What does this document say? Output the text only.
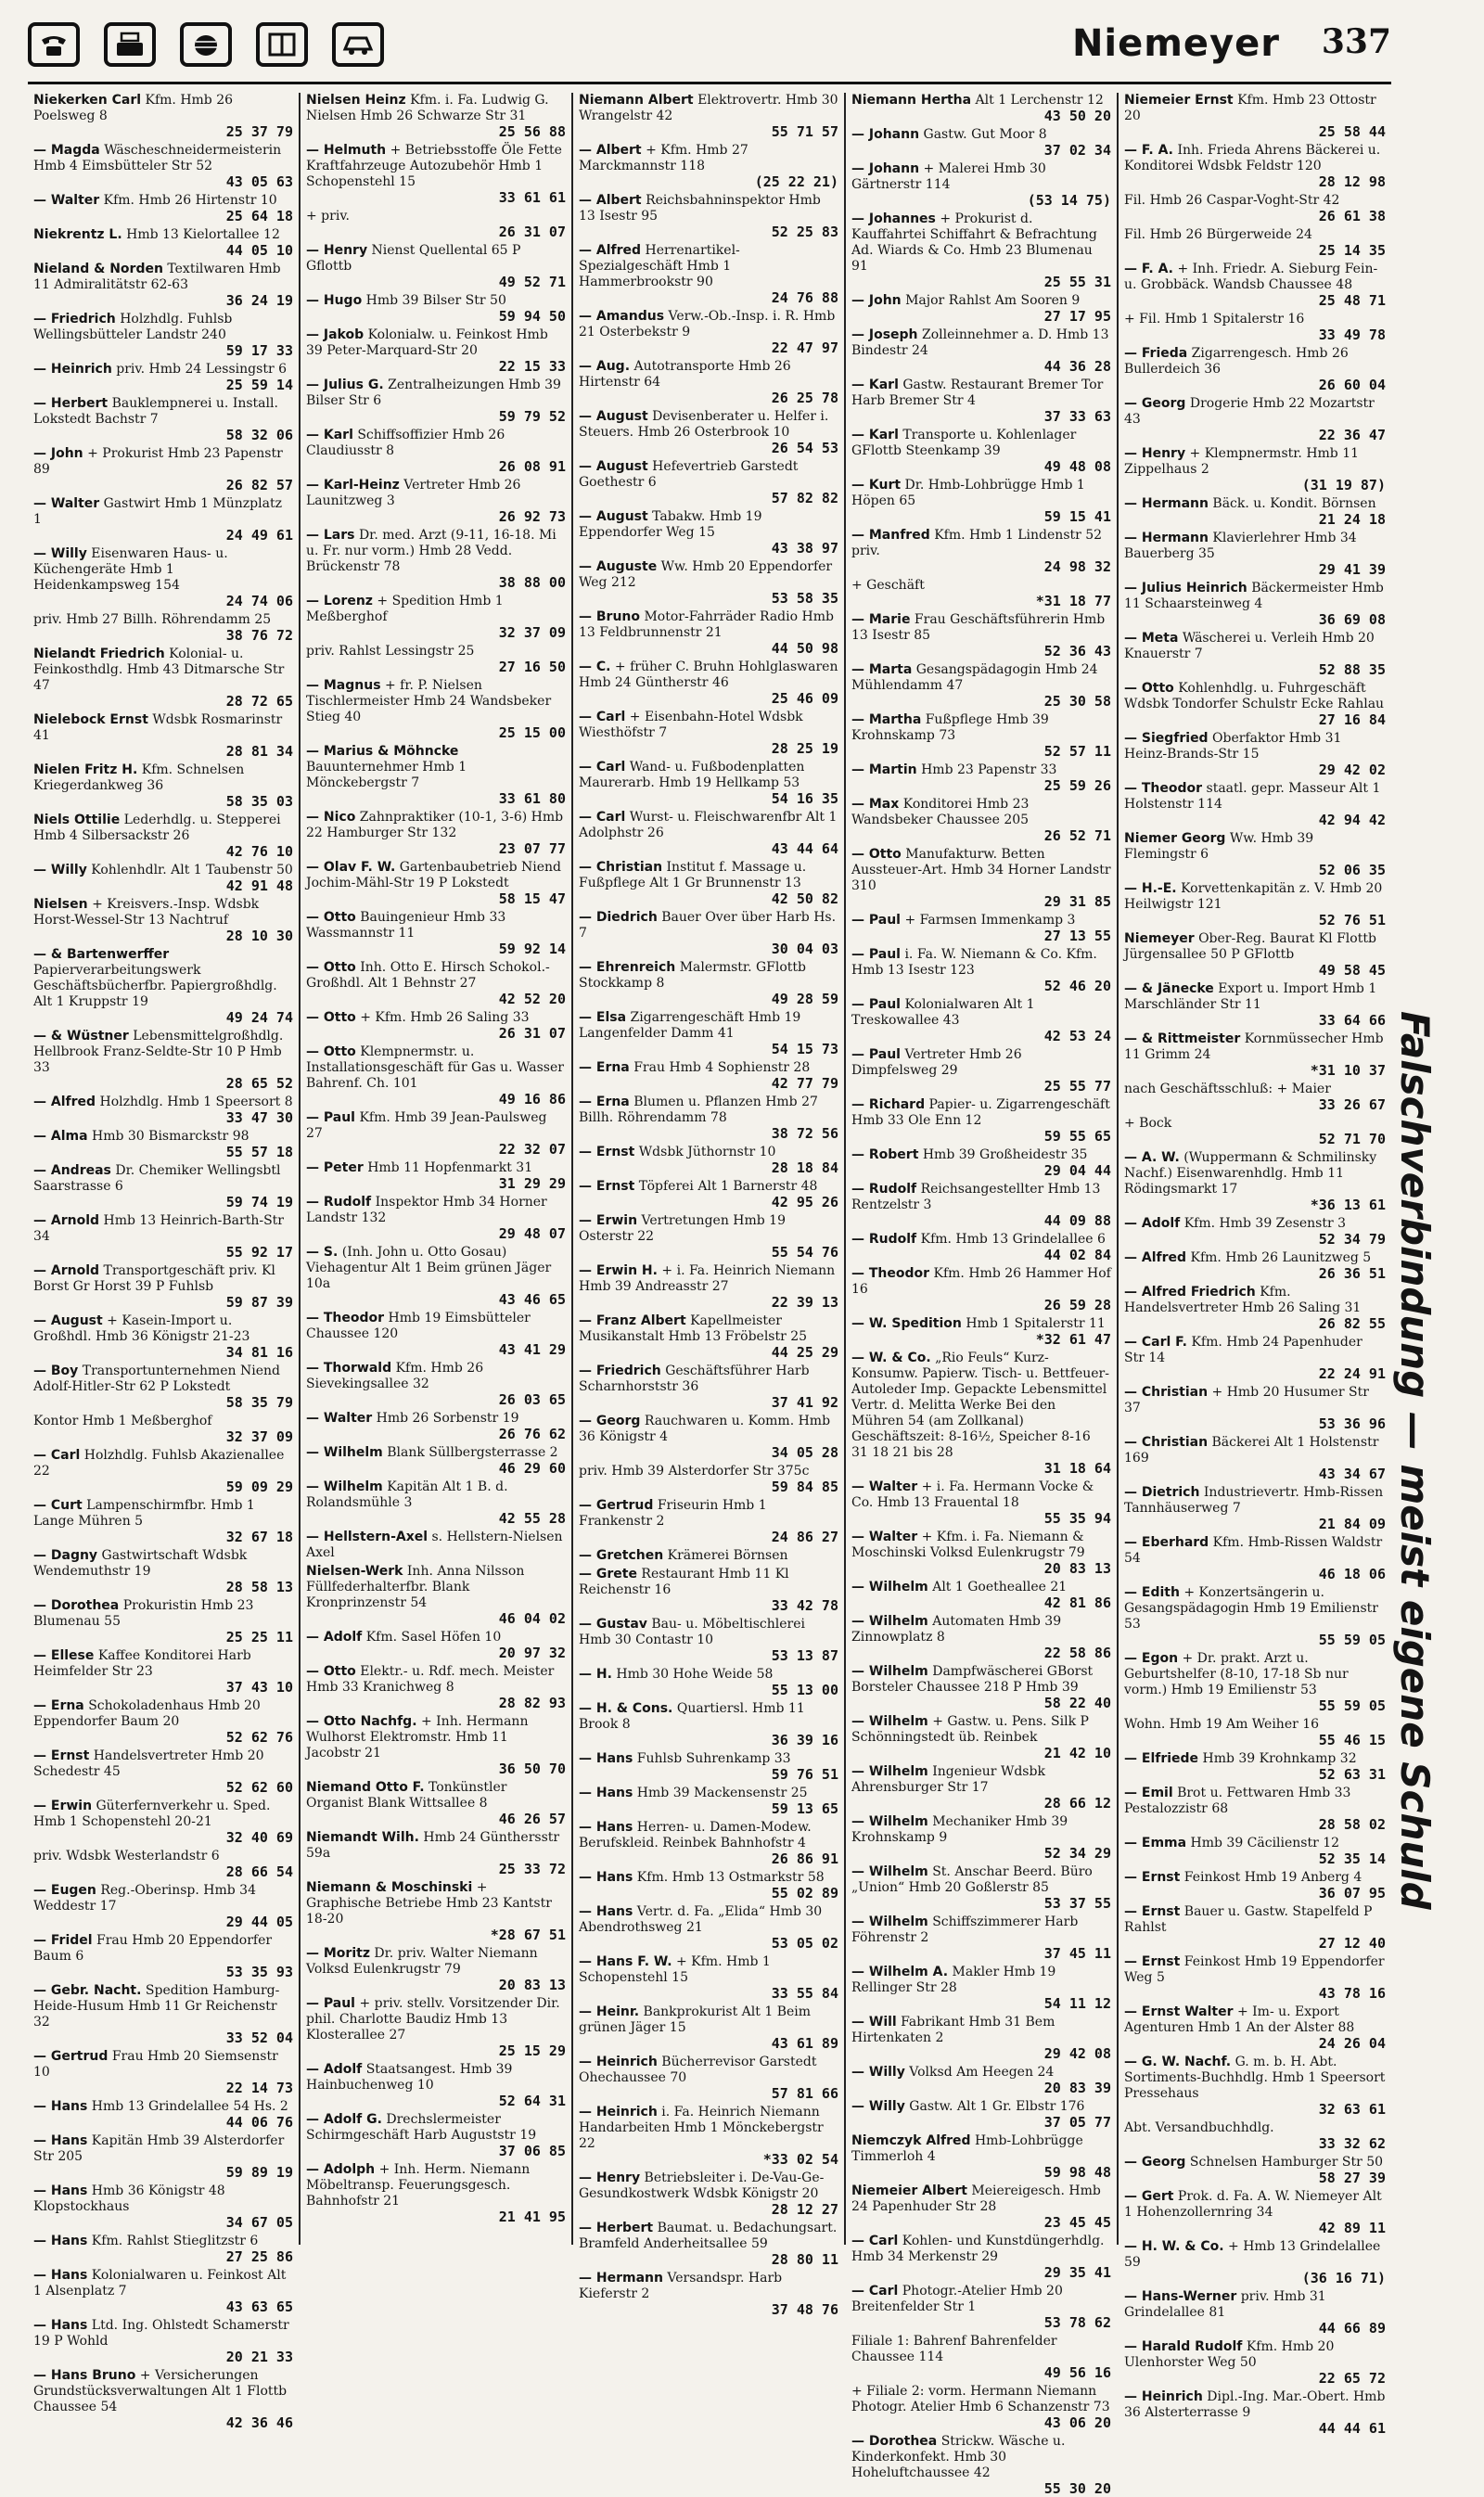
Niemeyer 337
Niekerken Carl Kfm. Hmb 26 Poelsweg 8
25 37 79
— Magda Wäscheschneidermeisterin Hmb 4 Eimsbütteler Str 52
43 05 63
— Walter Kfm. Hmb 26 Hirtenstr 10
25 64 18
Niekrentz L. Hmb 13 Kielortallee 12
44 05 10
Nieland & Norden Textilwaren Hmb 11 Admiralitätstr 62-63
36 24 19
— Friedrich Holzhdlg. Fuhlsb Wellingsbütteler Landstr 240
59 17 33
— Heinrich priv. Hmb 24 Lessingstr 6
25 59 14
— Herbert Bauklempnerei u. Install. Lokstedt Bachstr 7
58 32 06
— John + Prokurist Hmb 23 Papenstr 89
26 82 57
— Walter Gastwirt Hmb 1 Münzplatz 1
24 49 61
— Willy Eisenwaren Haus- u. Küchengeräte Hmb 1 Heidenkampsweg 154
24 74 06
priv. Hmb 27 Billh. Röhrendamm 25
38 76 72
Nielandt Friedrich Kolonial- u. Feinkosthdlg. Hmb 43 Ditmarsche Str 47
28 72 65
Nielebock Ernst Wdsbk Rosmarinstr 41
28 81 34
Nielen Fritz H. Kfm. Schnelsen Kriegerdankweg 36
58 35 03
Niels Ottilie Lederhdlg. u. Stepperei Hmb 4 Silbersackstr 26
42 76 10
— Willy Kohlenhdlr. Alt 1 Taubenstr 50
42 91 48
Nielsen + Kreisvers.-Insp. Wdsbk Horst-Wessel-Str 13 Nachtruf
28 10 30
— & Bartenwerffer Papierverarbeitungswerk Geschäftsbücherfbr. Papiergroßhdlg. Alt 1 Kruppstr 19
49 24 74
— & Wüstner Lebensmittelgroßhdlg. Hellbrook Franz-Seldte-Str 10 P Hmb 33
28 65 52
— Alfred Holzhdlg. Hmb 1 Speersort 8
33 47 30
— Alma Hmb 30 Bismarckstr 98
55 57 18
— Andreas Dr. Chemiker Wellingsbtl Saarstrasse 6
59 74 19
— Arnold Hmb 13 Heinrich-Barth-Str 34
55 92 17
— Arnold Transportgeschäft priv. Kl Borst Gr Horst 39 P Fuhlsb
59 87 39
— August + Kasein-Import u. Großhdl. Hmb 36 Königstr 21-23
34 81 16
— Boy Transportunternehmen Niend Adolf-Hitler-Str 62 P Lokstedt
58 35 79
Kontor Hmb 1 Meßberghof
32 37 09
— Carl Holzhdlg. Fuhlsb Akazienallee 22
59 09 29
— Curt Lampenschirmfbr. Hmb 1 Lange Mühren 5
32 67 18
— Dagny Gastwirtschaft Wdsbk Wendemuthstr 19
28 58 13
— Dorothea Prokuristin Hmb 23 Blumenau 55
25 25 11
— Ellese Kaffee Konditorei Harb Heimfelder Str 23
37 43 10
— Erna Schokoladenhaus Hmb 20 Eppendorfer Baum 20
52 62 76
— Ernst Handelsvertreter Hmb 20 Schedestr 45
52 62 60
— Erwin Güterfernverkehr u. Sped. Hmb 1 Schopenstehl 20-21
32 40 69
priv. Wdsbk Westerlandstr 6
28 66 54
— Eugen Reg.-Oberinsp. Hmb 34 Weddestr 17
29 44 05
— Fridel Frau Hmb 20 Eppendorfer Baum 6
53 35 93
— Gebr. Nacht. Spedition Hamburg-Heide-Husum Hmb 11 Gr Reichenstr 32
33 52 04
— Gertrud Frau Hmb 20 Siemsenstr 10
22 14 73
— Hans Hmb 13 Grindelallee 54 Hs. 2
44 06 76
— Hans Kapitän Hmb 39 Alsterdorfer Str 205
59 89 19
— Hans Hmb 36 Königstr 48 Klopstockhaus
34 67 05
— Hans Kfm. Rahlst Stieglitzstr 6
27 25 86
— Hans Kolonialwaren u. Feinkost Alt 1 Alsenplatz 7
43 63 65
— Hans Ltd. Ing. Ohlstedt Schamerstr 19 P Wohld
20 21 33
— Hans Bruno + Versicherungen Grundstücksverwaltungen Alt 1 Flottb Chaussee 54
42 36 46
Nielsen Heinz Kfm. i. Fa. Ludwig G. Nielsen Hmb 26 Schwarze Str 31
25 56 88
— Helmuth + Betriebsstoffe Öle Fette Kraftfahrzeuge Autozubehör Hmb 1 Schopenstehl 15
33 61 61
+ priv.
26 31 07
— Henry Nienst Quellental 65 P Gflottb
49 52 71
— Hugo Hmb 39 Bilser Str 50
59 94 50
— Jakob Kolonialw. u. Feinkost Hmb 39 Peter-Marquard-Str 20
22 15 33
— Julius G. Zentralheizungen Hmb 39 Bilser Str 6
59 79 52
— Karl Schiffsoffizier Hmb 26 Claudiusstr 8
26 08 91
— Karl-Heinz Vertreter Hmb 26 Launitzweg 3
26 92 73
— Lars Dr. med. Arzt (9-11, 16-18. Mi u. Fr. nur vorm.) Hmb 28 Vedd. Brückenstr 78
38 88 00
— Lorenz + Spedition Hmb 1 Meßberghof
32 37 09
priv. Rahlst Lessingstr 25
27 16 50
— Magnus + fr. P. Nielsen Tischlermeister Hmb 24 Wandsbeker Stieg 40
25 15 00
— Marius & Möhncke Bauunternehmer Hmb 1 Mönckebergstr 7
33 61 80
— Nico Zahnpraktiker (10-1, 3-6) Hmb 22 Hamburger Str 132
23 07 77
— Olav F. W. Gartenbaubetrieb Niend Jochim-Mähl-Str 19 P Lokstedt
58 15 47
— Otto Bauingenieur Hmb 33 Wassmannstr 11
59 92 14
— Otto Inh. Otto E. Hirsch Schokol.-Großhdl. Alt 1 Behnstr 27
42 52 20
— Otto + Kfm. Hmb 26 Saling 33
26 31 07
— Otto Klempnermstr. u. Installationsgeschäft für Gas u. Wasser Bahrenf. Ch. 101
49 16 86
— Paul Kfm. Hmb 39 Jean-Paulsweg 27
22 32 07
— Peter Hmb 11 Hopfenmarkt 31
31 29 29
— Rudolf Inspektor Hmb 34 Horner Landstr 132
29 48 07
— S. (Inh. John u. Otto Gosau) Viehagentur Alt 1 Beim grünen Jäger 10a
43 46 65
— Theodor Hmb 19 Eimsbütteler Chaussee 120
43 41 29
— Thorwald Kfm. Hmb 26 Sievekingsallee 32
26 03 65
— Walter Hmb 26 Sorbenstr 19
26 76 62
— Wilhelm Blank Süllbergsterrasse 2
46 29 60
— Wilhelm Kapitän Alt 1 B. d. Rolandsmühle 3
42 55 28
— Hellstern-Axel s. Hellstern-Nielsen Axel
Nielsen-Werk Inh. Anna Nilsson Füllfederhalterfbr. Blank Kronprinzenstr 54
46 04 02
— Adolf Kfm. Sasel Höfen 10
20 97 32
— Otto Elektr.- u. Rdf. mech. Meister Hmb 33 Kranichweg 8
28 82 93
— Otto Nachfg. + Inh. Hermann Wulhorst Elektromstr. Hmb 11 Jacobstr 21
36 50 70
Niemand Otto F. Tonkünstler Organist Blank Wittsallee 8
46 26 57
Niemandt Wilh. Hmb 24 Günthersstr 59a
25 33 72
Niemann & Moschinski + Graphische Betriebe Hmb 23 Kantstr 18-20
*28 67 51
— Moritz Dr. priv. Walter Niemann Volksd Eulenkrugstr 79
20 83 13
— Paul + priv. stellv. Vorsitzender Dir. phil. Charlotte Baudiz Hmb 13 Klosterallee 27
25 15 29
— Adolf Staatsangest. Hmb 39 Hainbuchenweg 10
52 64 31
— Adolf G. Drechslermeister Schirmgeschäft Harb Auguststr 19
37 06 85
— Adolph + Inh. Herm. Niemann Möbeltransp. Feuerungsgesch. Bahnhofstr 21
21 41 95
Niemann Albert Elektrovertr. Hmb 30 Wrangelstr 42
55 71 57
— Albert + Kfm. Hmb 27 Marckmannstr 118
(25 22 21)
— Albert Reichsbahninspektor Hmb 13 Isestr 95
52 25 83
— Alfred Herrenartikel-Spezialgeschäft Hmb 1 Hammerbrookstr 90
24 76 88
— Amandus Verw.-Ob.-Insp. i. R. Hmb 21 Osterbekstr 9
22 47 97
— Aug. Autotransporte Hmb 26 Hirtenstr 64
26 25 78
— August Devisenberater u. Helfer i. Steuers. Hmb 26 Osterbrook 10
26 54 53
— August Hefevertrieb Garstedt Goethestr 6
57 82 82
— August Tabakw. Hmb 19 Eppendorfer Weg 15
43 38 97
— Auguste Ww. Hmb 20 Eppendorfer Weg 212
53 58 35
— Bruno Motor-Fahrräder Radio Hmb 13 Feldbrunnenstr 21
44 50 98
— C. + früher C. Bruhn Hohlglaswaren Hmb 24 Güntherstr 46
25 46 09
— Carl + Eisenbahn-Hotel Wdsbk Wiesthöfstr 7
28 25 19
— Carl Wand- u. Fußbodenplatten Maurerarb. Hmb 19 Hellkamp 53
54 16 35
— Carl Wurst- u. Fleischwarenfbr Alt 1 Adolphstr 26
43 44 64
— Christian Institut f. Massage u. Fußpflege Alt 1 Gr Brunnenstr 13
42 50 82
— Diedrich Bauer Over über Harb Hs. 7
30 04 03
— Ehrenreich Malermstr. GFlottb Stockkamp 8
49 28 59
— Elsa Zigarrengeschäft Hmb 19 Langenfelder Damm 41
54 15 73
— Erna Frau Hmb 4 Sophienstr 28
42 77 79
— Erna Blumen u. Pflanzen Hmb 27 Billh. Röhrendamm 78
38 72 56
— Ernst Wdsbk Jüthornstr 10
28 18 84
— Ernst Töpferei Alt 1 Barnerstr 48
42 95 26
— Erwin Vertretungen Hmb 19 Osterstr 22
55 54 76
— Erwin H. + i. Fa. Heinrich Niemann Hmb 39 Andreasstr 27
22 39 13
— Franz Albert Kapellmeister Musikanstalt Hmb 13 Fröbelstr 25
44 25 29
— Friedrich Geschäftsführer Harb Scharnhorststr 36
37 41 92
— Georg Rauchwaren u. Komm. Hmb 36 Königstr 4
34 05 28
priv. Hmb 39 Alsterdorfer Str 375c
59 84 85
— Gertrud Friseurin Hmb 1 Frankenstr 2
24 86 27
— Gretchen Krämerei Börnsen
— Grete Restaurant Hmb 11 Kl Reichenstr 16
33 42 78
— Gustav Bau- u. Möbeltischlerei Hmb 30 Contastr 10
53 13 87
— H. Hmb 30 Hohe Weide 58
55 13 00
— H. & Cons. Quartiersl. Hmb 11 Brook 8
36 39 16
— Hans Fuhlsb Suhrenkamp 33
59 76 51
— Hans Hmb 39 Mackensenstr 25
59 13 65
— Hans Herren- u. Damen-Modew. Berufskleid. Reinbek Bahnhofstr 4
26 86 91
— Hans Kfm. Hmb 13 Ostmarkstr 58
55 02 89
— Hans Vertr. d. Fa. „Elida“ Hmb 30 Abendrothsweg 21
53 05 02
— Hans F. W. + Kfm. Hmb 1 Schopenstehl 15
33 55 84
— Heinr. Bankprokurist Alt 1 Beim grünen Jäger 15
43 61 89
— Heinrich Bücherrevisor Garstedt Ohechaussee 70
57 81 66
— Heinrich i. Fa. Heinrich Niemann Handarbeiten Hmb 1 Mönckebergstr 22
*33 02 54
— Henry Betriebsleiter i. De-Vau-Ge-Gesundkostwerk Wdsbk Königstr 20
28 12 27
— Herbert Baumat. u. Bedachungsart. Bramfeld Anderheitsallee 59
28 80 11
— Hermann Versandspr. Harb Kieferstr 2
37 48 76
Niemann Hertha Alt 1 Lerchenstr 12
43 50 20
— Johann Gastw. Gut Moor 8
37 02 34
— Johann + Malerei Hmb 30 Gärtnerstr 114
(53 14 75)
— Johannes + Prokurist d. Kauffahrtei Schiffahrt & Befrachtung Ad. Wiards & Co. Hmb 23 Blumenau 91
25 55 31
— John Major Rahlst Am Sooren 9
27 17 95
— Joseph Zolleinnehmer a. D. Hmb 13 Bindestr 24
44 36 28
— Karl Gastw. Restaurant Bremer Tor Harb Bremer Str 4
37 33 63
— Karl Transporte u. Kohlenlager GFlottb Steenkamp 39
49 48 08
— Kurt Dr. Hmb-Lohbrügge Hmb 1 Höpen 65
59 15 41
— Manfred Kfm. Hmb 1 Lindenstr 52 priv.
24 98 32
+ Geschäft
*31 18 77
— Marie Frau Geschäftsführerin Hmb 13 Isestr 85
52 36 43
— Marta Gesangspädagogin Hmb 24 Mühlendamm 47
25 30 58
— Martha Fußpflege Hmb 39 Krohnskamp 73
52 57 11
— Martin Hmb 23 Papenstr 33
25 59 26
— Max Konditorei Hmb 23 Wandsbeker Chaussee 205
26 52 71
— Otto Manufakturw. Betten Aussteuer-Art. Hmb 34 Horner Landstr 310
29 31 85
— Paul + Farmsen Immenkamp 3
27 13 55
— Paul i. Fa. W. Niemann & Co. Kfm. Hmb 13 Isestr 123
52 46 20
— Paul Kolonialwaren Alt 1 Treskowallee 43
42 53 24
— Paul Vertreter Hmb 26 Dimpfelsweg 29
25 55 77
— Richard Papier- u. Zigarrengeschäft Hmb 33 Ole Enn 12
59 55 65
— Robert Hmb 39 Großheidestr 35
29 04 44
— Rudolf Reichsangestellter Hmb 13 Rentzelstr 3
44 09 88
— Rudolf Kfm. Hmb 13 Grindelallee 6
44 02 84
— Theodor Kfm. Hmb 26 Hammer Hof 16
26 59 28
— W. Spedition Hmb 1 Spitalerstr 11
*32 61 47
— W. & Co. „Rio Feuls“ Kurz-Konsumw. Papierw. Tisch- u. Bettfeuer- Autoleder Imp. Gepackte Lebensmittel Vertr. d. Melitta Werke Bei den Mühren 54 (am Zollkanal) Geschäftszeit: 8-16½, Speicher 8-16 31 18 21 bis 28
31 18 64
— Walter + i. Fa. Hermann Vocke & Co. Hmb 13 Frauental 18
55 35 94
— Walter + Kfm. i. Fa. Niemann & Moschinski Volksd Eulenkrugstr 79
20 83 13
— Wilhelm Alt 1 Goetheallee 21
42 81 86
— Wilhelm Automaten Hmb 39 Zinnowplatz 8
22 58 86
— Wilhelm Dampfwäscherei GBorst Borsteler Chaussee 218 P Hmb 39
58 22 40
— Wilhelm + Gastw. u. Pens. Silk P Schönningstedt üb. Reinbek
21 42 10
— Wilhelm Ingenieur Wdsbk Ahrensburger Str 17
28 66 12
— Wilhelm Mechaniker Hmb 39 Krohnskamp 9
52 34 29
— Wilhelm St. Anschar Beerd. Büro „Union“ Hmb 20 Goßlerstr 85
53 37 55
— Wilhelm Schiffszimmerer Harb Föhrenstr 2
37 45 11
— Wilhelm A. Makler Hmb 19 Rellinger Str 28
54 11 12
— Will Fabrikant Hmb 31 Bem Hirtenkaten 2
29 42 08
— Willy Volksd Am Heegen 24
20 83 39
— Willy Gastw. Alt 1 Gr. Elbstr 176
37 05 77
Niemczyk Alfred Hmb-Lohbrügge Timmerloh 4
59 98 48
Niemeier Albert Meiereigesch. Hmb 24 Papenhuder Str 28
23 45 45
— Carl Kohlen- und Kunstdüngerhdlg. Hmb 34 Merkenstr 29
29 35 41
— Carl Photogr.-Atelier Hmb 20 Breitenfelder Str 1
53 78 62
Filiale 1: Bahrenf Bahrenfelder Chaussee 114
49 56 16
+ Filiale 2: vorm. Hermann Niemann Photogr. Atelier Hmb 6 Schanzenstr 73
43 06 20
— Dorothea Strickw. Wäsche u. Kinderkonfekt. Hmb 30 Hoheluftchaussee 42
55 30 20
Niemeier Ernst Kfm. Hmb 23 Ottostr 20
25 58 44
— F. A. Inh. Frieda Ahrens Bäckerei u. Konditorei Wdsbk Feldstr 120
28 12 98
Fil. Hmb 26 Caspar-Voght-Str 42
26 61 38
Fil. Hmb 26 Bürgerweide 24
25 14 35
— F. A. + Inh. Friedr. A. Sieburg Fein- u. Grobbäck. Wandsb Chaussee 48
25 48 71
+ Fil. Hmb 1 Spitalerstr 16
33 49 78
— Frieda Zigarrengesch. Hmb 26 Bullerdeich 36
26 60 04
— Georg Drogerie Hmb 22 Mozartstr 43
22 36 47
— Henry + Klempnermstr. Hmb 11 Zippelhaus 2
(31 19 87)
— Hermann Bäck. u. Kondit. Börnsen
21 24 18
— Hermann Klavierlehrer Hmb 34 Bauerberg 35
29 41 39
— Julius Heinrich Bäckermeister Hmb 11 Schaarsteinweg 4
36 69 08
— Meta Wäscherei u. Verleih Hmb 20 Knauerstr 7
52 88 35
— Otto Kohlenhdlg. u. Fuhrgeschäft Wdsbk Tondorfer Schulstr Ecke Rahlau
27 16 84
— Siegfried Oberfaktor Hmb 31 Heinz-Brands-Str 15
29 42 02
— Theodor staatl. gepr. Masseur Alt 1 Holstenstr 114
42 94 42
Niemer Georg Ww. Hmb 39 Flemingstr 6
52 06 35
— H.-E. Korvettenkapitän z. V. Hmb 20 Heilwigstr 121
52 76 51
Niemeyer Ober-Reg. Baurat Kl Flottb Jürgensallee 50 P GFlottb
49 58 45
— & Jänecke Export u. Import Hmb 1 Marschländer Str 11
33 64 66
— & Rittmeister Kornmüssecher Hmb 11 Grimm 24
*31 10 37
nach Geschäftsschluß: + Maier
33 26 67
+ Bock
52 71 70
— A. W. (Wuppermann & Schmilinsky Nachf.) Eisenwarenhdlg. Hmb 11 Rödingsmarkt 17
*36 13 61
— Adolf Kfm. Hmb 39 Zesenstr 3
52 34 79
— Alfred Kfm. Hmb 26 Launitzweg 5
26 36 51
— Alfred Friedrich Kfm. Handelsvertreter Hmb 26 Saling 31
26 82 55
— Carl F. Kfm. Hmb 24 Papenhuder Str 14
22 24 91
— Christian + Hmb 20 Husumer Str 37
53 36 96
— Christian Bäckerei Alt 1 Holstenstr 169
43 34 67
— Dietrich Industrievertr. Hmb-Rissen Tannhäuserweg 7
21 84 09
— Eberhard Kfm. Hmb-Rissen Waldstr 54
46 18 06
— Edith + Konzertsängerin u. Gesangspädagogin Hmb 19 Emilienstr 53
55 59 05
— Egon + Dr. prakt. Arzt u. Geburtshelfer (8-10, 17-18 Sb nur vorm.) Hmb 19 Emilienstr 53
55 59 05
Wohn. Hmb 19 Am Weiher 16
55 46 15
— Elfriede Hmb 39 Krohnkamp 32
52 63 31
— Emil Brot u. Fettwaren Hmb 33 Pestalozzistr 68
28 58 02
— Emma Hmb 39 Cäcilienstr 12
52 35 14
— Ernst Feinkost Hmb 19 Anberg 4
36 07 95
— Ernst Bauer u. Gastw. Stapelfeld P Rahlst
27 12 40
— Ernst Feinkost Hmb 19 Eppendorfer Weg 5
43 78 16
— Ernst Walter + Im- u. Export Agenturen Hmb 1 An der Alster 88
24 26 04
— G. W. Nachf. G. m. b. H. Abt. Sortiments-Buchhdlg. Hmb 1 Speersort Pressehaus
32 63 61
Abt. Versandbuchhdlg.
33 32 62
— Georg Schnelsen Hamburger Str 50
58 27 39
— Gert Prok. d. Fa. A. W. Niemeyer Alt 1 Hohenzollernring 34
42 89 11
— H. W. & Co. + Hmb 13 Grindelallee 59
(36 16 71)
— Hans-Werner priv. Hmb 31 Grindelallee 81
44 66 89
— Harald Rudolf Kfm. Hmb 20 Ulenhorster Weg 50
22 65 72
— Heinrich Dipl.-Ing. Mar.-Obert. Hmb 36 Alsterterrasse 9
44 44 61
Falschverbindung — meist eigene Schuld
